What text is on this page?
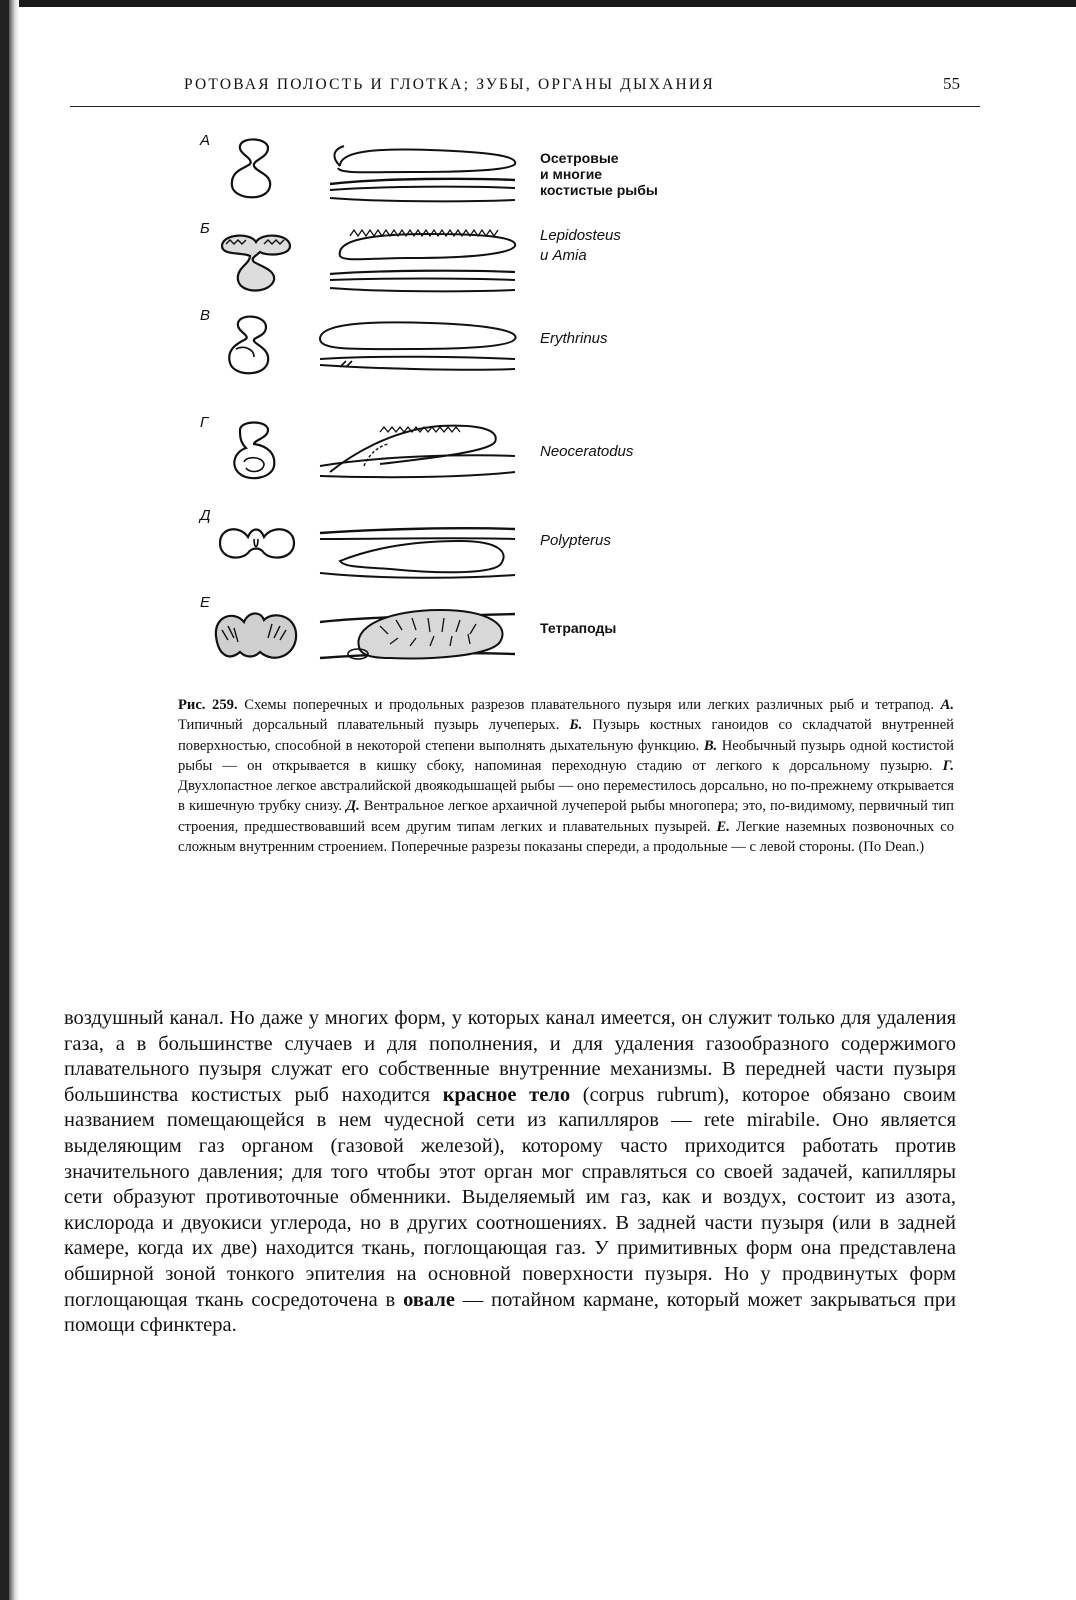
РОТОВАЯ ПОЛОСТЬ И ГЛОТКА; ЗУБЫ, ОРГАНЫ ДЫХАНИЯ	55
А
Осетровые
и многие
костистые рыбы
Б	Lepidosteus
и Amia
В
Erythrinus
Г
Neoceratodus
Д
Polypterus
Е
Тетраподы
Рис. 259. Схемы поперечных и продольных разрезов плавательного пузыря или легких различных рыб и тетрапод. А. Типичный дорсальный плавательный пузырь лучеперых. Б. Пузырь костных ганоидов со складчатой внутренней поверхностью, способной в некоторой степени выполнять дыхательную функцию. В. Необычный пузырь одной костистой рыбы — он открывается в кишку сбоку, напоминая переходную стадию от легкого к дорсальному пузырю. Г. Двухлопастное легкое австралийской двоякодышащей рыбы — оно переместилось дорсально, но по-прежнему открывается в кишечную трубку снизу. Д. Вентральное легкое архаичной лучеперой рыбы многопера; это, по-видимому, первичный тип строения, предшествовавший всем другим типам легких и плавательных пузырей. Е. Легкие наземных позвоночных со сложным внутренним строением. Поперечные разрезы показаны спереди, а продольные — с левой стороны. (По Dean.)
воздушный канал. Но даже у многих форм, у которых канал имеется, он служит только для удаления газа, а в большинстве случаев и для пополнения, и для удаления газообразного содержимого плавательного пузыря служат его собственные внутренние механизмы. В передней части пузыря большинства костистых рыб находится красное тело (corpus rubrum), которое обязано своим названием помещающейся в нем чудесной сети из капилляров — rete mirabile. Оно является выделяющим газ органом (газовой железой), которому часто приходится работать против значительного давления; для того чтобы этот орган мог справляться со своей задачей, капилляры сети образуют противоточные обменники. Выделяемый им газ, как и воздух, состоит из азота, кислорода и двуокиси углерода, но в других соотношениях. В задней части пузыря (или в задней камере, когда их две) находится ткань, поглощающая газ. У примитивных форм она представлена обширной зоной тонкого эпителия на основной поверхности пузыря. Но у продвинутых форм поглощающая ткань сосредоточена в овале — потайном кармане, который может закрываться при помощи сфинктера.
